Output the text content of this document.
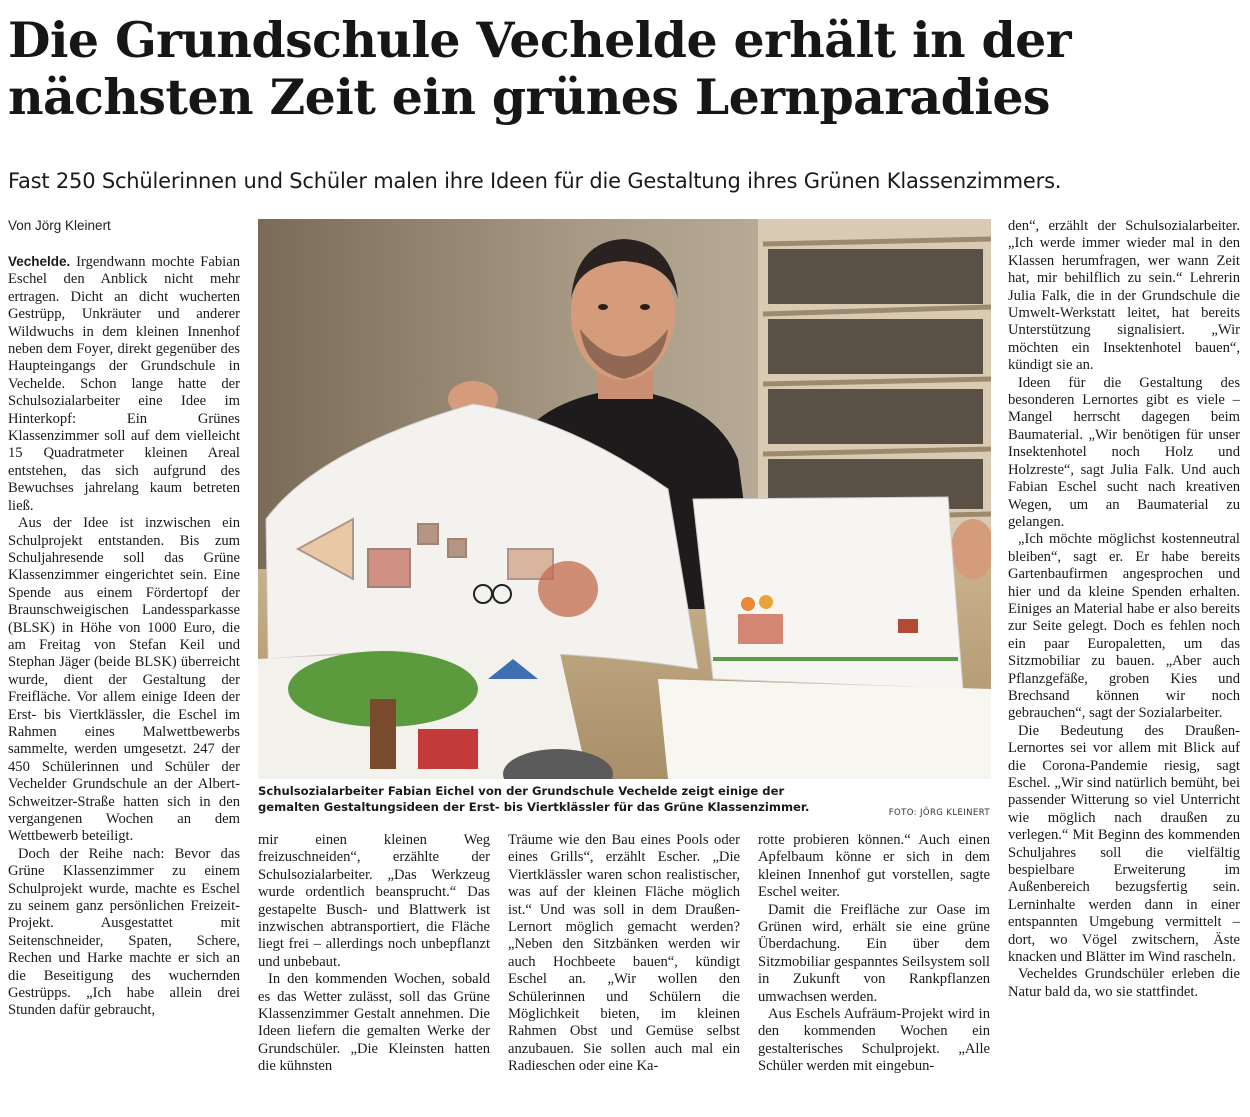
Die Grundschule Vechelde erhält in der
nächsten Zeit ein grünes Lernparadies

Fast 250 Schülerinnen und Schüler malen ihre Ideen für die Gestaltung ihres Grünen Klassenzimmers.

Von Jörg Kleinert

Vechelde. Irgendwann mochte Fabian Eschel den Anblick nicht mehr ertragen. Dicht an dicht wucherten Gestrüpp, Unkräuter und anderer Wildwuchs in dem kleinen Innenhof neben dem Foyer, direkt gegenüber des Haupteingangs der Grundschule in Vechelde. Schon lange hatte der Schulsozialarbeiter eine Idee im Hinterkopf: Ein Grünes Klassenzimmer soll auf dem vielleicht 15 Quadratmeter kleinen Areal entstehen, das sich aufgrund des Bewuchses jahrelang kaum betreten ließ.

Aus der Idee ist inzwischen ein Schulprojekt entstanden. Bis zum Schuljahresende soll das Grüne Klassenzimmer eingerichtet sein. Eine Spende aus einem Fördertopf der Braunschweigischen Landessparkasse (BLSK) in Höhe von 1000 Euro, die am Freitag von Stefan Keil und Stephan Jäger (beide BLSK) überreicht wurde, dient der Gestaltung der Freifläche. Vor allem einige Ideen der Erst- bis Viertklässler, die Eschel im Rahmen eines Malwettbewerbs sammelte, werden umgesetzt. 247 der 450 Schülerinnen und Schüler der Vechelder Grundschule an der Albert-Schweitzer-Straße hatten sich in den vergangenen Wochen an dem Wettbewerb beteiligt.

Doch der Reihe nach: Bevor das Grüne Klassenzimmer zu einem Schulprojekt wurde, machte es Eschel zu seinem ganz persönlichen Freizeit-Projekt. Ausgestattet mit Seitenschneider, Spaten, Schere, Rechen und Harke machte er sich an die Beseitigung des wuchernden Gestrüpps. „Ich habe allein drei Stunden dafür gebraucht,

Schulsozialarbeiter Fabian Eichel von der Grundschule Vechelde zeigt einige der gemalten Gestaltungsideen der Erst- bis Viertklässler für das Grüne Klassenzimmer.	FOTO: JÖRG KLEINERT

mir einen kleinen Weg freizuschneiden“, erzählte der Schulsozialarbeiter. „Das Werkzeug wurde ordentlich beansprucht.“ Das gestapelte Busch- und Blattwerk ist inzwischen abtransportiert, die Fläche liegt frei – allerdings noch unbepflanzt und unbebaut.

In den kommenden Wochen, sobald es das Wetter zulässt, soll das Grüne Klassenzimmer Gestalt annehmen. Die Ideen liefern die gemalten Werke der Grundschüler. „Die Kleinsten hatten die kühnsten

Träume wie den Bau eines Pools oder eines Grills“, erzählt Escher. „Die Viertklässler waren schon realistischer, was auf der kleinen Fläche möglich ist.“ Und was soll in dem Draußen-Lernort möglich gemacht werden? „Neben den Sitzbänken werden wir auch Hochbeete bauen“, kündigt Eschel an. „Wir wollen den Schülerinnen und Schülern die Möglichkeit bieten, im kleinen Rahmen Obst und Gemüse selbst anzubauen. Sie sollen auch mal ein Radieschen oder eine Ka-

rotte probieren können.“ Auch einen Apfelbaum könne er sich in dem kleinen Innenhof gut vorstellen, sagte Eschel weiter.

Damit die Freifläche zur Oase im Grünen wird, erhält sie eine grüne Überdachung. Ein über dem Sitzmobiliar gespanntes Seilsystem soll in Zukunft von Rankpflanzen umwachsen werden.

Aus Eschels Aufräum-Projekt wird in den kommenden Wochen ein gestalterisches Schulprojekt. „Alle Schüler werden mit eingebun-

den“, erzählt der Schulsozialarbeiter. „Ich werde immer wieder mal in den Klassen herumfragen, wer wann Zeit hat, mir behilflich zu sein.“ Lehrerin Julia Falk, die in der Grundschule die Umwelt-Werkstatt leitet, hat bereits Unterstützung signalisiert. „Wir möchten ein Insektenhotel bauen“, kündigt sie an.

Ideen für die Gestaltung des besonderen Lernortes gibt es viele – Mangel herrscht dagegen beim Baumaterial. „Wir benötigen für unser Insektenhotel noch Holz und Holzreste“, sagt Julia Falk. Und auch Fabian Eschel sucht nach kreativen Wegen, um an Baumaterial zu gelangen.

„Ich möchte möglichst kostenneutral bleiben“, sagt er. Er habe bereits Gartenbaufirmen angesprochen und hier und da kleine Spenden erhalten. Einiges an Material habe er also bereits zur Seite gelegt. Doch es fehlen noch ein paar Europaletten, um das Sitzmobiliar zu bauen. „Aber auch Pflanzgefäße, groben Kies und Brechsand können wir noch gebrauchen“, sagt der Sozialarbeiter.

Die Bedeutung des Draußen-Lernortes sei vor allem mit Blick auf die Corona-Pandemie riesig, sagt Eschel. „Wir sind natürlich bemüht, bei passender Witterung so viel Unterricht wie möglich nach draußen zu verlegen.“ Mit Beginn des kommenden Schuljahres soll die vielfältig bespielbare Erweiterung im Außenbereich bezugsfertig sein. Lerninhalte werden dann in einer entspannten Umgebung vermittelt – dort, wo Vögel zwitschern, Äste knacken und Blätter im Wind rascheln.

Vecheldes Grundschüler erleben die Natur bald da, wo sie stattfindet.
